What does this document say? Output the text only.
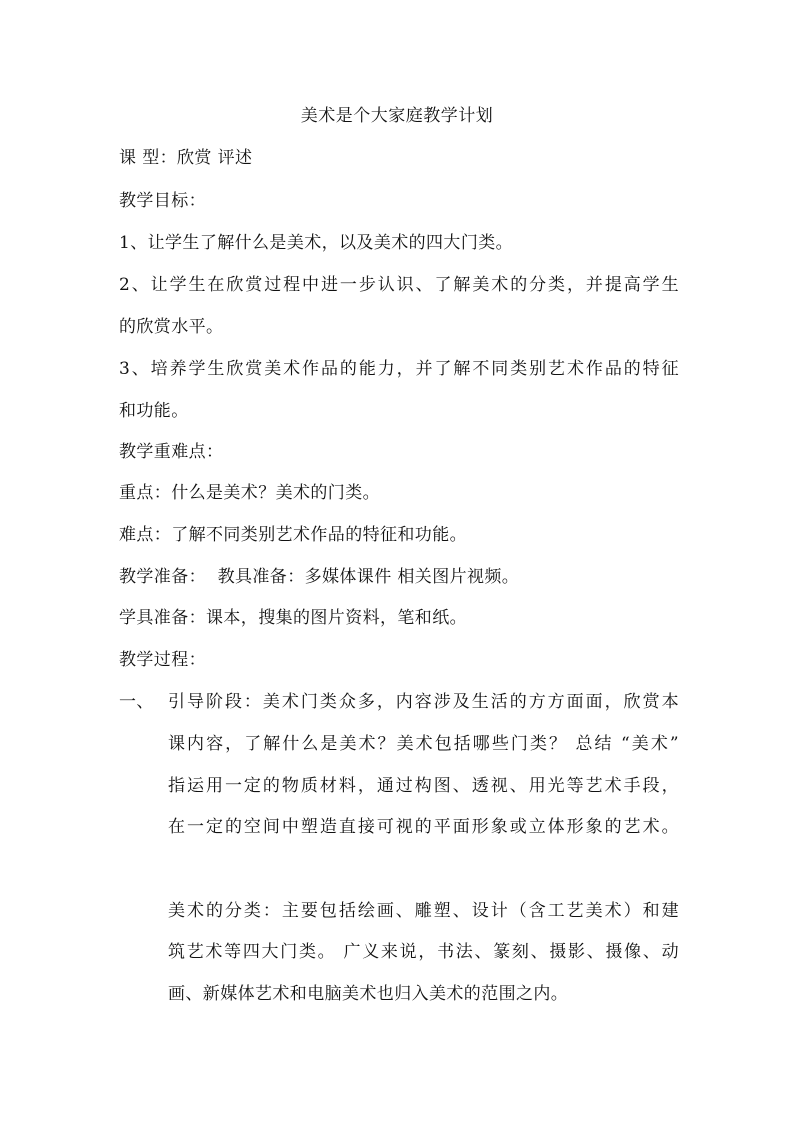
美术是个大家庭教学计划

课 型：欣赏 评述

教学目标：

1、让学生了解什么是美术，以及美术的四大门类。

2、让学生在欣赏过程中进一步认识、了解美术的分类，并提高学生

的欣赏水平。

3、培养学生欣赏美术作品的能力，并了解不同类别艺术作品的特征

和功能。

教学重难点：

重点：什么是美术？美术的门类。

难点：了解不同类别艺术作品的特征和功能。

教学准备：  教具准备：多媒体课件 相关图片视频。

学具准备：课本，搜集的图片资料，笔和纸。

教学过程：

一、 引导阶段：美术门类众多，内容涉及生活的方方面面，欣赏本

课内容，了解什么是美术？美术包括哪些门类？ 总结 “美术”

指运用一定的物质材料，通过构图、透视、用光等艺术手段，

在一定的空间中塑造直接可视的平面形象或立体形象的艺术。

美术的分类：主要包括绘画、雕塑、设计（含工艺美术）和建

筑艺术等四大门类。 广义来说，书法、篆刻、摄影、摄像、动

画、新媒体艺术和电脑美术也归入美术的范围之内。
